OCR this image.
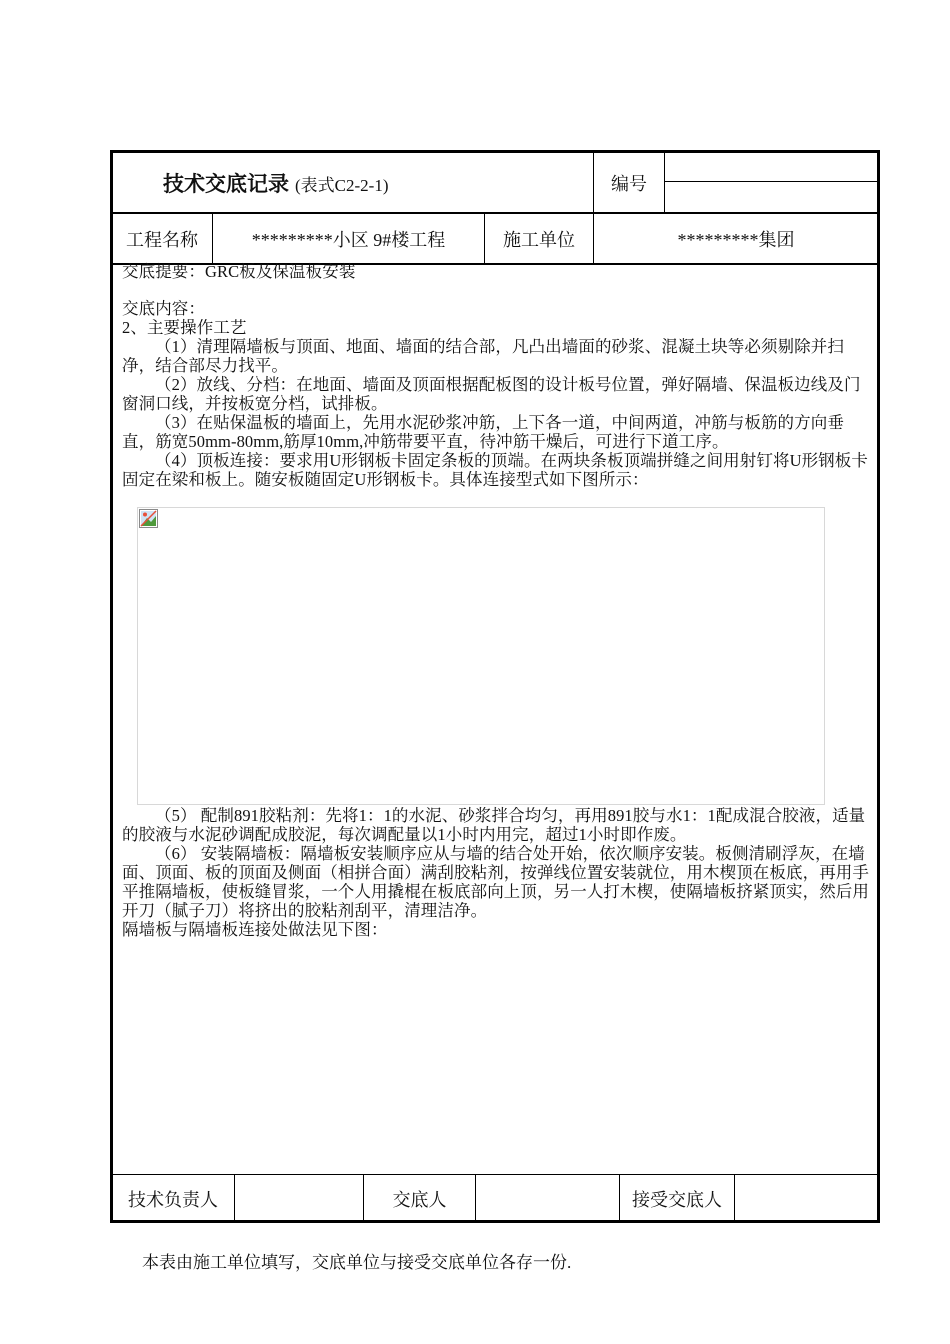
技术交底记录 (表式C2-2-1)	编号
工程名称	*********小区 9#楼工程	施工单位	*********集团

交底提要：GRC板及保温板安装

交底内容：

2、主要操作工艺

（1）清理隔墙板与顶面、地面、墙面的结合部，凡凸出墙面的砂浆、混凝土块等必须剔除并扫净，结合部尽力找平。

（2）放线、分档：在地面、墙面及顶面根据配板图的设计板号位置，弹好隔墙、保温板边线及门窗洞口线，并按板宽分档，试排板。

（3）在贴保温板的墙面上，先用水泥砂浆冲筋，上下各一道，中间两道，冲筋与板筋的方向垂直，筋宽50mm-80mm,筋厚10mm,冲筋带要平直，待冲筋干燥后，可进行下道工序。

（4）顶板连接：要求用U形钢板卡固定条板的顶端。在两块条板顶端拼缝之间用射钉将U形钢板卡固定在梁和板上。随安板随固定U形钢板卡。具体连接型式如下图所示：

（5） 配制891胶粘剂：先将1：1的水泥、砂浆拌合均匀，再用891胶与水1：1配成混合胶液，适量的胶液与水泥砂调配成胶泥，每次调配量以1小时内用完，超过1小时即作废。

（6） 安装隔墙板：隔墙板安装顺序应从与墙的结合处开始，依次顺序安装。板侧清刷浮灰，在墙面、顶面、板的顶面及侧面（相拼合面）满刮胶粘剂，按弹线位置安装就位，用木楔顶在板底，再用手平推隔墙板，使板缝冒浆，一个人用撬棍在板底部向上顶，另一人打木楔，使隔墙板挤紧顶实，然后用开刀（腻子刀）将挤出的胶粘剂刮平，清理洁净。

隔墙板与隔墙板连接处做法见下图：

技术负责人	交底人	接受交底人
本表由施工单位填写，交底单位与接受交底单位各存一份.
